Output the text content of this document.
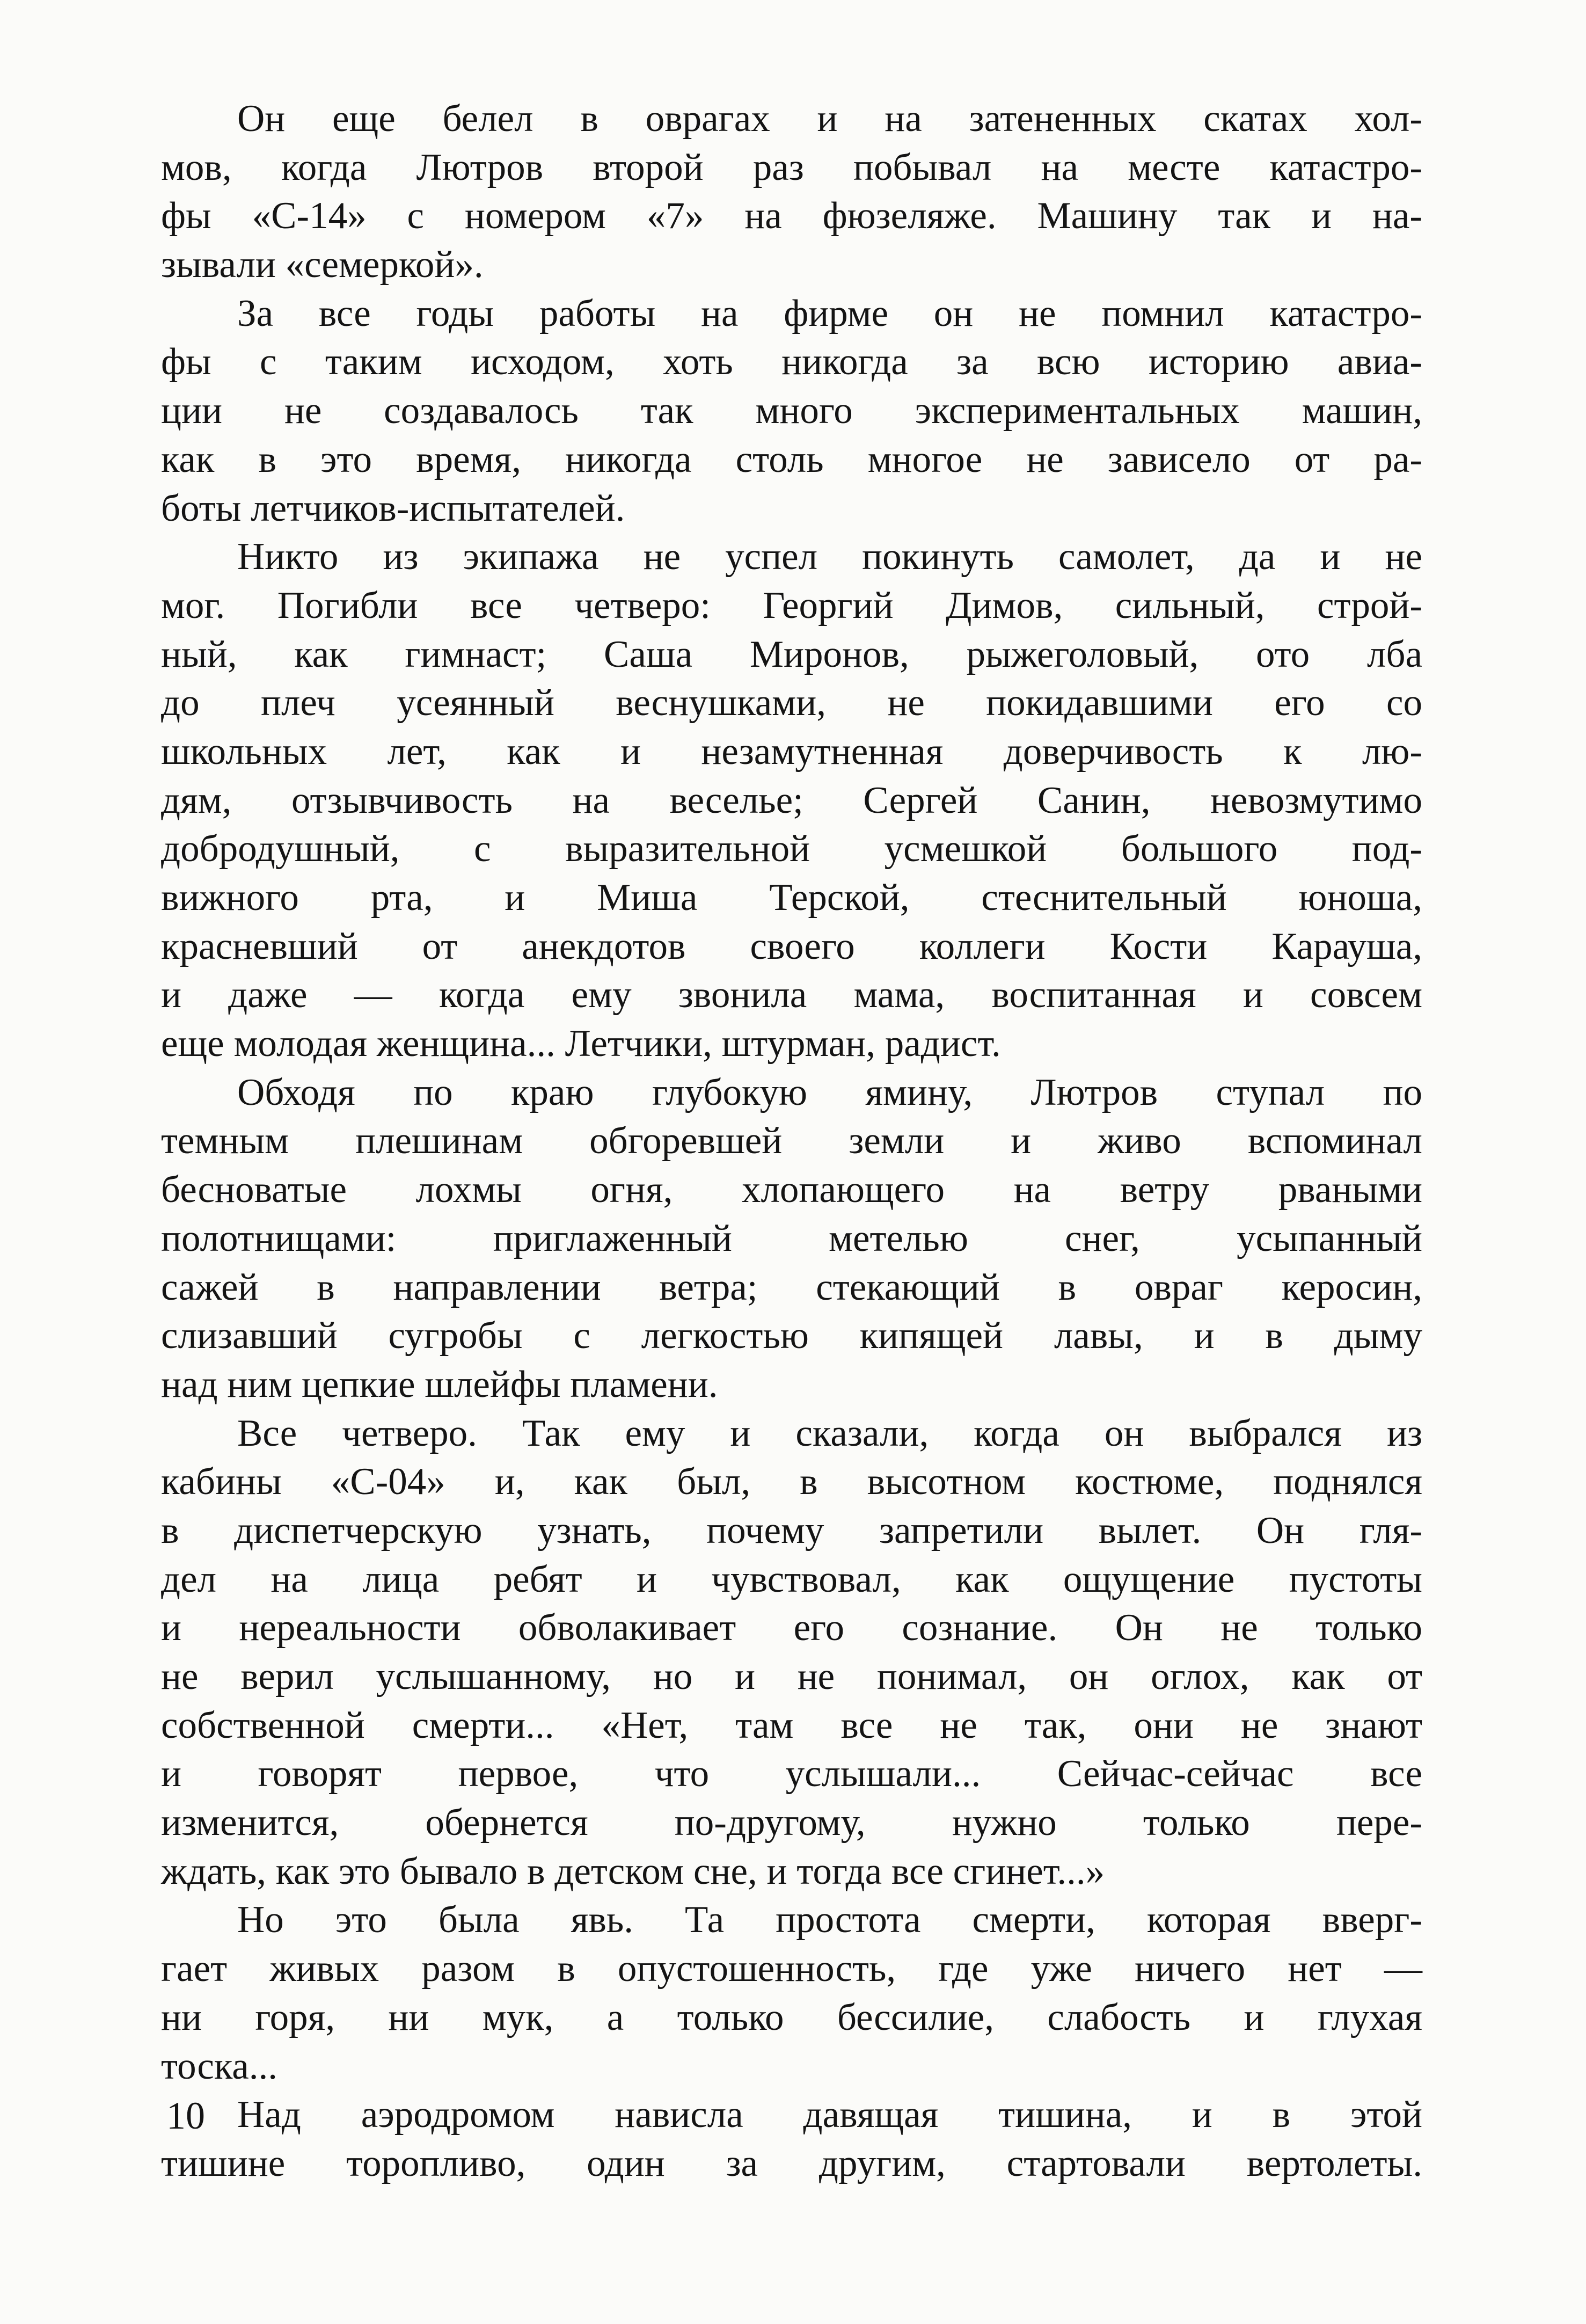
Он еще белел в оврагах и на затененных скатах хол-
мов, когда Лютров второй раз побывал на месте катастро-
фы «С-14» с номером «7» на фюзеляже. Машину так и на-
зывали «семеркой».
За все годы работы на фирме он не помнил катастро-
фы с таким исходом, хоть никогда за всю историю авиа-
ции не создавалось так много экспериментальных машин,
как в это время, никогда столь многое не зависело от ра-
боты летчиков-испытателей.
Никто из экипажа не успел покинуть самолет, да и не
мог. Погибли все четверо: Георгий Димов, сильный, строй-
ный, как гимнаст; Саша Миронов, рыжеголовый, ото лба
до плеч усеянный веснушками, не покидавшими его со
школьных лет, как и незамутненная доверчивость к лю-
дям, отзывчивость на веселье; Сергей Санин, невозмутимо
добродушный, с выразительной усмешкой большого под-
вижного рта, и Миша Терской, стеснительный юноша,
красневший от анекдотов своего коллеги Кости Караушa,
и даже — когда ему звонила мама, воспитанная и совсем
еще молодая женщина... Летчики, штурман, радист.
Обходя по краю глубокую ямину, Лютров ступал по
темным плешинам обгоревшей земли и живо вспоминал
бесноватые лохмы огня, хлопающего на ветру рваными
полотнищами: приглаженный метелью снег, усыпанный
сажей в направлении ветра; стекающий в овраг керосин,
слизавший сугробы с легкостью кипящей лавы, и в дыму
над ним цепкие шлейфы пламени.
Все четверо. Так ему и сказали, когда он выбрался из
кабины «С-04» и, как был, в высотном костюме, поднялся
в диспетчерскую узнать, почему запретили вылет. Он гля-
дел на лица ребят и чувствовал, как ощущение пустоты
и нереальности обволакивает его сознание. Он не только
не верил услышанному, но и не понимал, он оглох, как от
собственной смерти... «Нет, там все не так, они не знают
и говорят первое, что услышали... Сейчас-сейчас все
изменится, обернется по-другому, нужно только пере-
ждать, как это бывало в детском сне, и тогда все сгинет...»
Но это была явь. Та простота смерти, которая вверг-
гает живых разом в опустошенность, где уже ничего нет —
ни горя, ни мук, а только бессилие, слабость и глухая
тоска...
Над аэродромом нависла давящая тишина, и в этой
тишине торопливо, один за другим, стартовали вертолеты.
10
